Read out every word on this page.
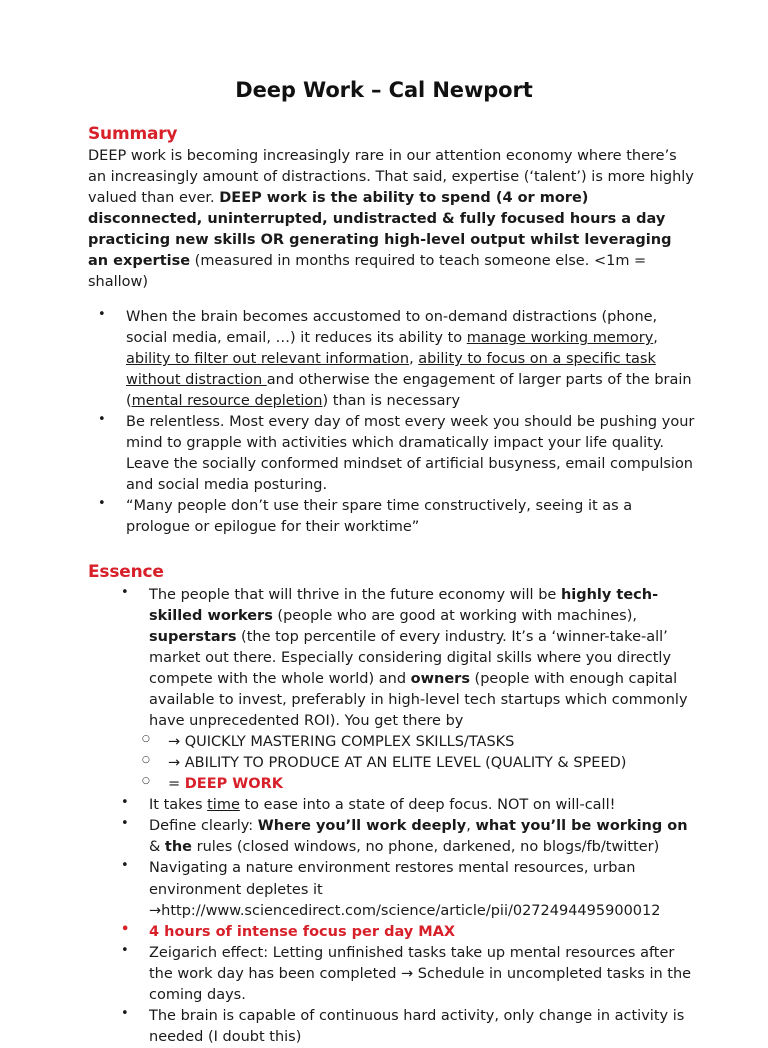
Deep Work – Cal Newport
Summary

DEEP work is becoming increasingly rare in our attention economy where there’s an increasingly amount of distractions. That said, expertise (‘talent’) is more highly valued than ever. DEEP work is the ability to spend (4 or more) disconnected, uninterrupted, undistracted & fully focused hours a day practicing new skills OR generating high-level output whilst leveraging an expertise (measured in months required to teach someone else. <1m = shallow)

• When the brain becomes accustomed to on-demand distractions (phone, social media, email, …) it reduces its ability to manage working memory, ability to filter out relevant information, ability to focus on a specific task without distraction and otherwise the engagement of larger parts of the brain (mental resource depletion) than is necessary
• Be relentless. Most every day of most every week you should be pushing your mind to grapple with activities which dramatically impact your life quality. Leave the socially conformed mindset of artificial busyness, email compulsion and social media posturing.
• “Many people don’t use their spare time constructively, seeing it as a prologue or epilogue for their worktime”
Essence
• The people that will thrive in the future economy will be highly tech-skilled workers (people who are good at working with machines), superstars (the top percentile of every industry. It’s a ‘winner-take-all’ market out there. Especially considering digital skills where you directly compete with the whole world) and owners (people with enough capital available to invest, preferably in high-level tech startups which commonly have unprecedented ROI). You get there by
○ → QUICKLY MASTERING COMPLEX SKILLS/TASKS
○ → ABILITY TO PRODUCE AT AN ELITE LEVEL (QUALITY & SPEED)
○ = DEEP WORK
• It takes time to ease into a state of deep focus. NOT on will-call!
• Define clearly: Where you’ll work deeply, what you’ll be working on & the rules (closed windows, no phone, darkened, no blogs/fb/twitter)
• Navigating a nature environment restores mental resources, urban environment depletes it
→http://www.sciencedirect.com/science/article/pii/0272494495900012
• 4 hours of intense focus per day MAX
• Zeigarich effect: Letting unfinished tasks take up mental resources after the work day has been completed → Schedule in uncompleted tasks in the coming days.
• The brain is capable of continuous hard activity, only change in activity is needed (I doubt this)
